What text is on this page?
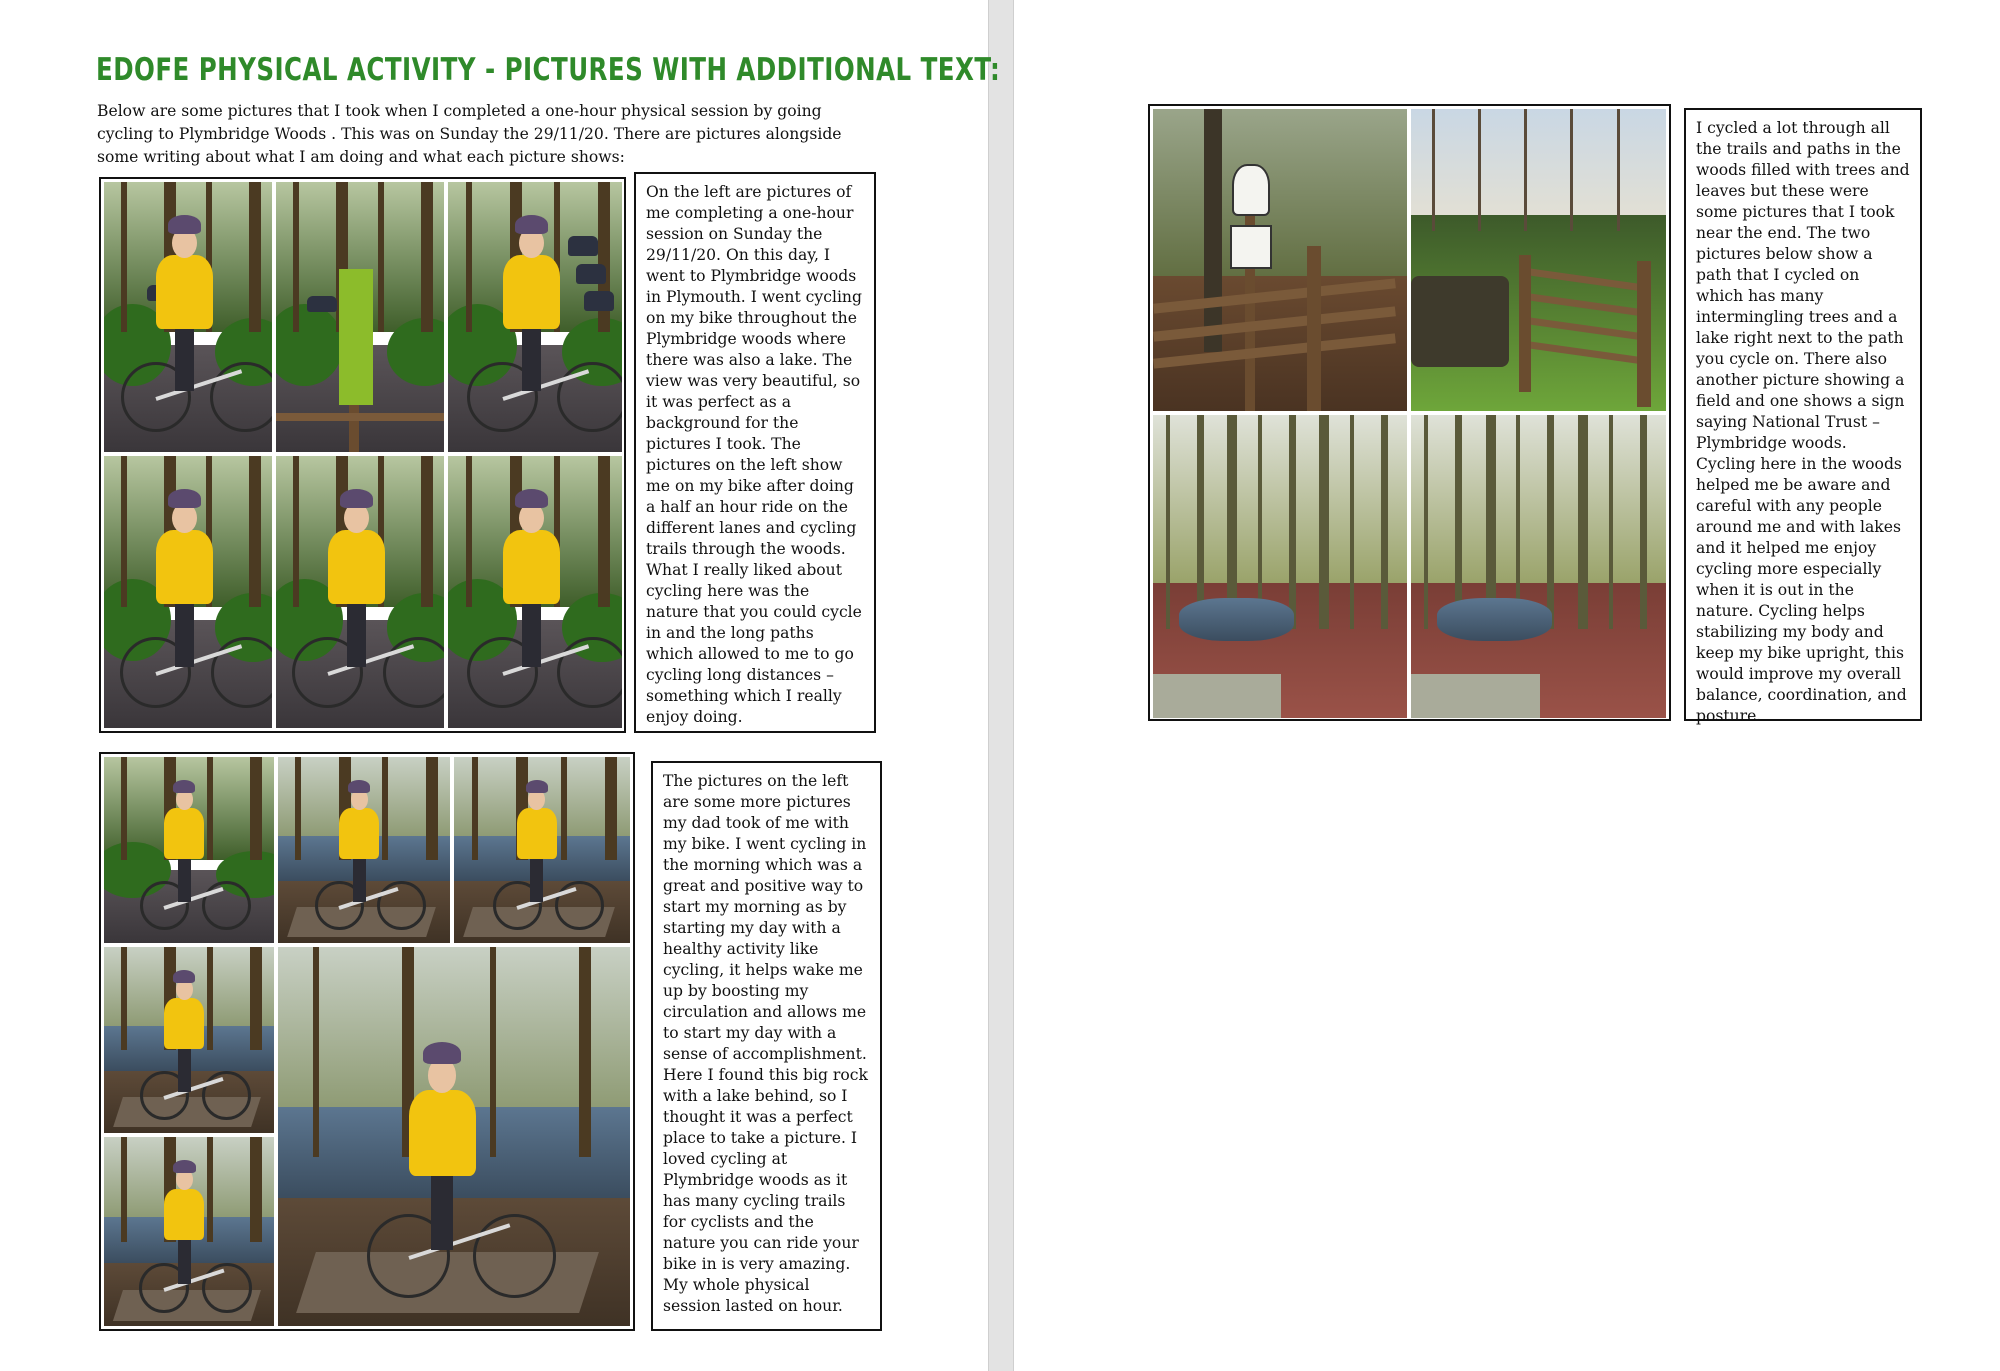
EDOFE PHYSICAL ACTIVITY - PICTURES WITH ADDITIONAL TEXT:

Below are some pictures that I took when I completed a one-hour physical session by going cycling to Plymbridge Woods . This was on Sunday the 29/11/20. There are pictures alongside some writing about what I am doing and what each picture shows:

On the left are pictures of me completing a one-hour session on Sunday the 29/11/20. On this day, I went to Plymbridge woods in Plymouth. I went cycling on my bike throughout the Plymbridge woods where there was also a lake. The view was very beautiful, so it was perfect as a background for the pictures I took. The pictures on the left show me on my bike after doing a half an hour ride on the different lanes and cycling trails through the woods. What I really liked about cycling here was the nature that you could cycle in and the long paths which allowed to me to go cycling long distances – something which I really enjoy doing.

The pictures on the left are some more pictures my dad took of me with my bike. I went cycling in the morning which was a great and positive way to start my morning as by starting my day with a healthy activity like cycling, it helps wake me up by boosting my circulation and allows me to start my day with a sense of accomplishment. Here I found this big rock with a lake behind, so I thought it was a perfect place to take a picture. I loved cycling at Plymbridge woods as it has many cycling trails for cyclists and the nature you can ride your bike in is very amazing. My whole physical session lasted on hour.

I cycled a lot through all the trails and paths in the woods filled with trees and leaves but these were some pictures that I took near the end. The two pictures below show a path that I cycled on which has many intermingling trees and a lake right next to the path you cycle on. There also another picture showing a field and one shows a sign saying National Trust – Plymbridge woods. Cycling here in the woods helped me be aware and careful with any people around me and with lakes and it helped me enjoy cycling more especially when it is out in the nature. Cycling helps stabilizing my body and keep my bike upright, this would improve my overall balance, coordination, and posture.
